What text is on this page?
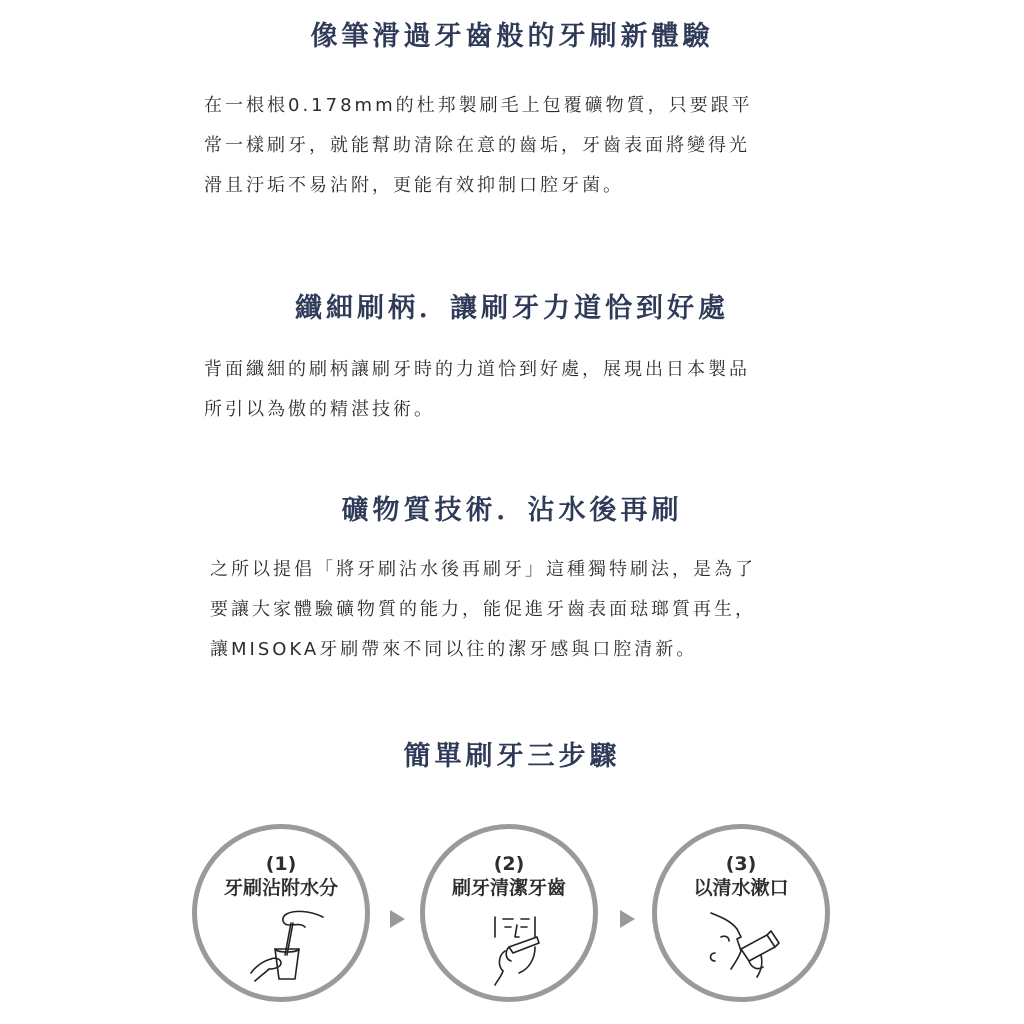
像筆滑過牙齒般的牙刷新體驗

在一根根0.178mm的杜邦製刷毛上包覆礦物質，只要跟平
常一樣刷牙，就能幫助清除在意的齒垢，牙齒表面將變得光
滑且汙垢不易沾附，更能有效抑制口腔牙菌。

纖細刷柄．讓刷牙力道恰到好處

背面纖細的刷柄讓刷牙時的力道恰到好處，展現出日本製品
所引以為傲的精湛技術。

礦物質技術．沾水後再刷

之所以提倡「將牙刷沾水後再刷牙」這種獨特刷法，是為了
要讓大家體驗礦物質的能力，能促進牙齒表面琺瑯質再生，
讓MISOKA牙刷帶來不同以往的潔牙感與口腔清新。

簡單刷牙三步驟
(1)
牙刷沾附水分
(2)
刷牙清潔牙齒
(3)
以清水漱口
